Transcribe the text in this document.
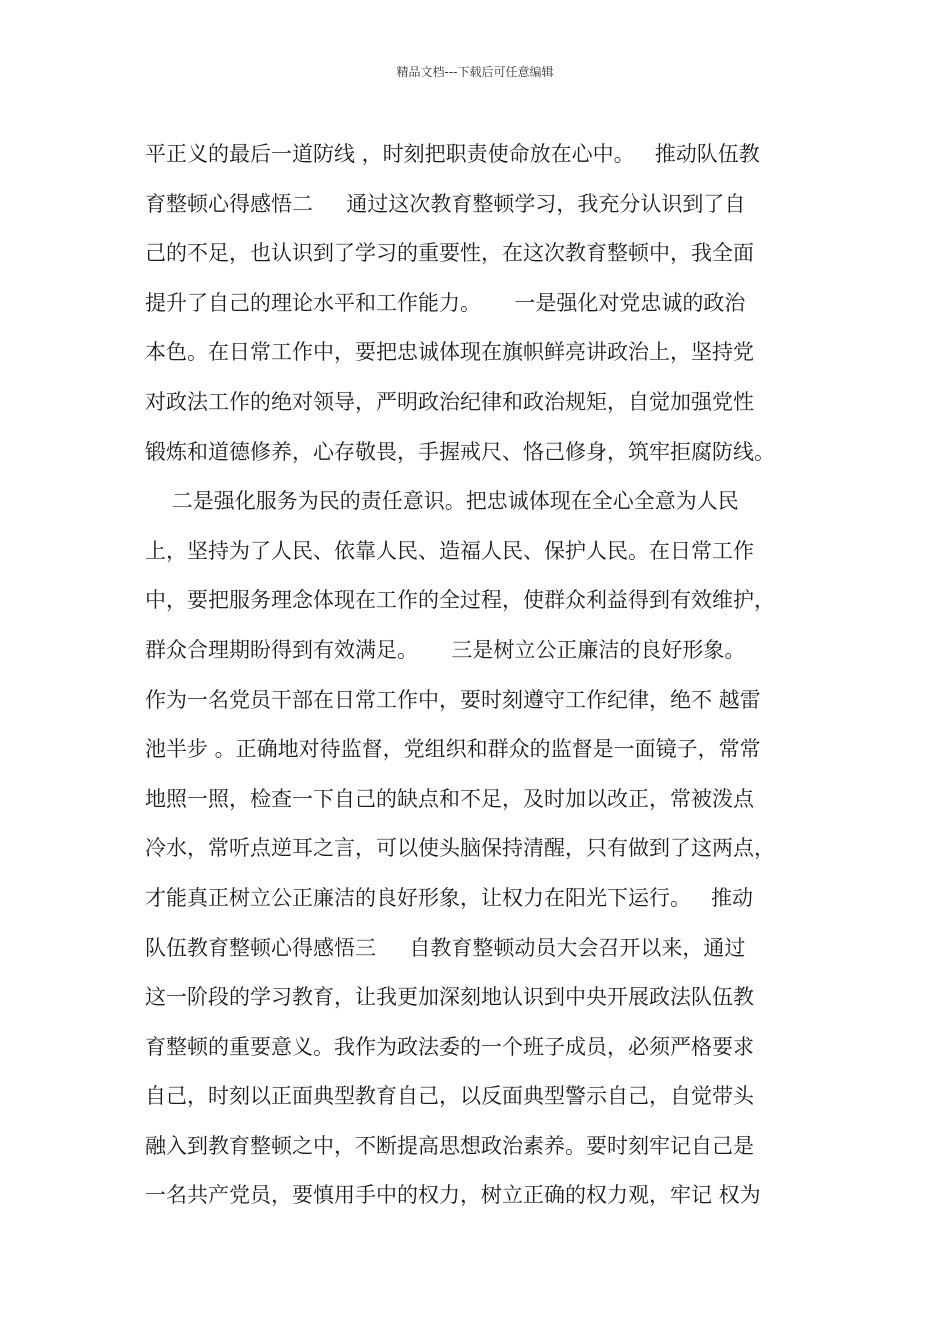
精品文档---下载后可任意编辑
平正义的最后一道防线 ，时刻把职责使命放在心中。   推动队伍教
育整顿心得感悟二     通过这次教育整顿学习，我充分认识到了自
己的不足，也认识到了学习的重要性，在这次教育整顿中，我全面
提升了自己的理论水平和工作能力。     一是强化对党忠诚的政治
本色。在日常工作中，要把忠诚体现在旗帜鲜亮讲政治上，坚持党
对政法工作的绝对领导，严明政治纪律和政治规矩，自觉加强党性
锻炼和道德修养，心存敬畏，手握戒尺、恪己修身，筑牢拒腐防线。
二是强化服务为民的责任意识。把忠诚体现在全心全意为人民
上，坚持为了人民、依靠人民、造福人民、保护人民。在日常工作
中，要把服务理念体现在工作的全过程，使群众利益得到有效维护，
群众合理期盼得到有效满足。     三是树立公正廉洁的良好形象。
作为一名党员干部在日常工作中，要时刻遵守工作纪律，绝不 越雷
池半步 。正确地对待监督，党组织和群众的监督是一面镜子，常常
地照一照，检查一下自己的缺点和不足，及时加以改正，常被泼点
冷水，常听点逆耳之言，可以使头脑保持清醒，只有做到了这两点，
才能真正树立公正廉洁的良好形象，让权力在阳光下运行。   推动
队伍教育整顿心得感悟三     自教育整顿动员大会召开以来，通过
这一阶段的学习教育，让我更加深刻地认识到中央开展政法队伍教
育整顿的重要意义。我作为政法委的一个班子成员，必须严格要求
自己，时刻以正面典型教育自己，以反面典型警示自己，自觉带头
融入到教育整顿之中，不断提高思想政治素养。要时刻牢记自己是
一名共产党员，要慎用手中的权力，树立正确的权力观，牢记 权为
